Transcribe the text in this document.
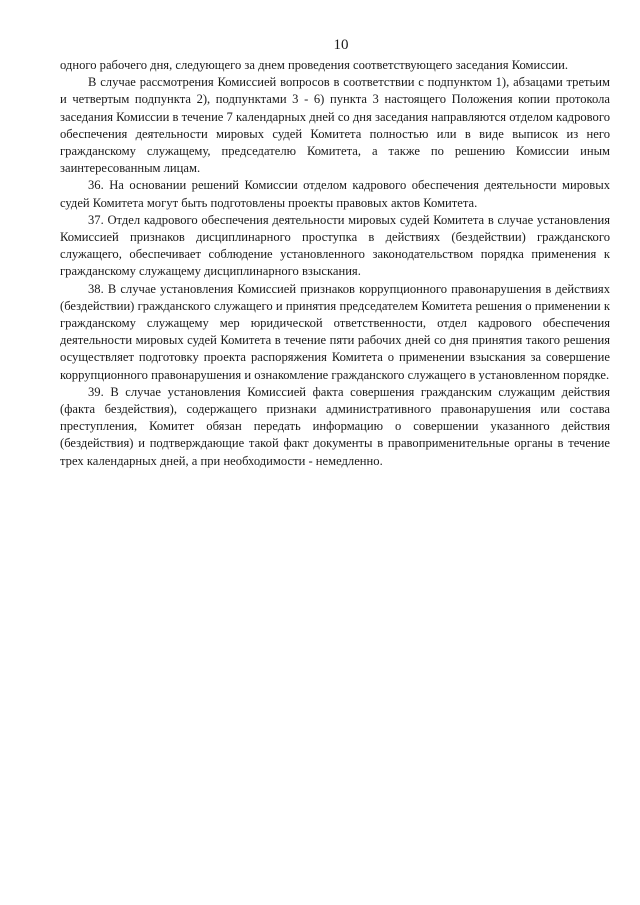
10

одного рабочего дня, следующего за днем проведения соответствующего заседания Комиссии.

В случае рассмотрения Комиссией вопросов в соответствии с подпунктом 1), абзацами третьим и четвертым подпункта 2), подпунктами 3 - 6) пункта 3 настоящего Положения копии протокола заседания Комиссии в течение 7 календарных дней со дня заседания направляются отделом кадрового обеспечения деятельности мировых судей Комитета полностью или в виде выписок из него гражданскому служащему, председателю Комитета, а также по решению Комиссии иным заинтересованным лицам.

36. На основании решений Комиссии отделом кадрового обеспечения деятельности мировых судей Комитета могут быть подготовлены проекты правовых актов Комитета.

37. Отдел кадрового обеспечения деятельности мировых судей Комитета в случае установления Комиссией признаков дисциплинарного проступка в действиях (бездействии) гражданского служащего, обеспечивает соблюдение установленного законодательством порядка применения к гражданскому служащему дисциплинарного взыскания.

38. В случае установления Комиссией признаков коррупционного правонарушения в действиях (бездействии) гражданского служащего и принятия председателем Комитета решения о применении к гражданскому служащему мер юридической ответственности, отдел кадрового обеспечения деятельности мировых судей Комитета в течение пяти рабочих дней со дня принятия такого решения осуществляет подготовку проекта распоряжения Комитета о применении взыскания за совершение коррупционного правонарушения и ознакомление гражданского служащего в установленном порядке.

39. В случае установления Комиссией факта совершения гражданским служащим действия (факта бездействия), содержащего признаки административного правонарушения или состава преступления, Комитет обязан передать информацию о совершении указанного действия (бездействия) и подтверждающие такой факт документы в правоприменительные органы в течение трех календарных дней, а при необходимости - немедленно.
